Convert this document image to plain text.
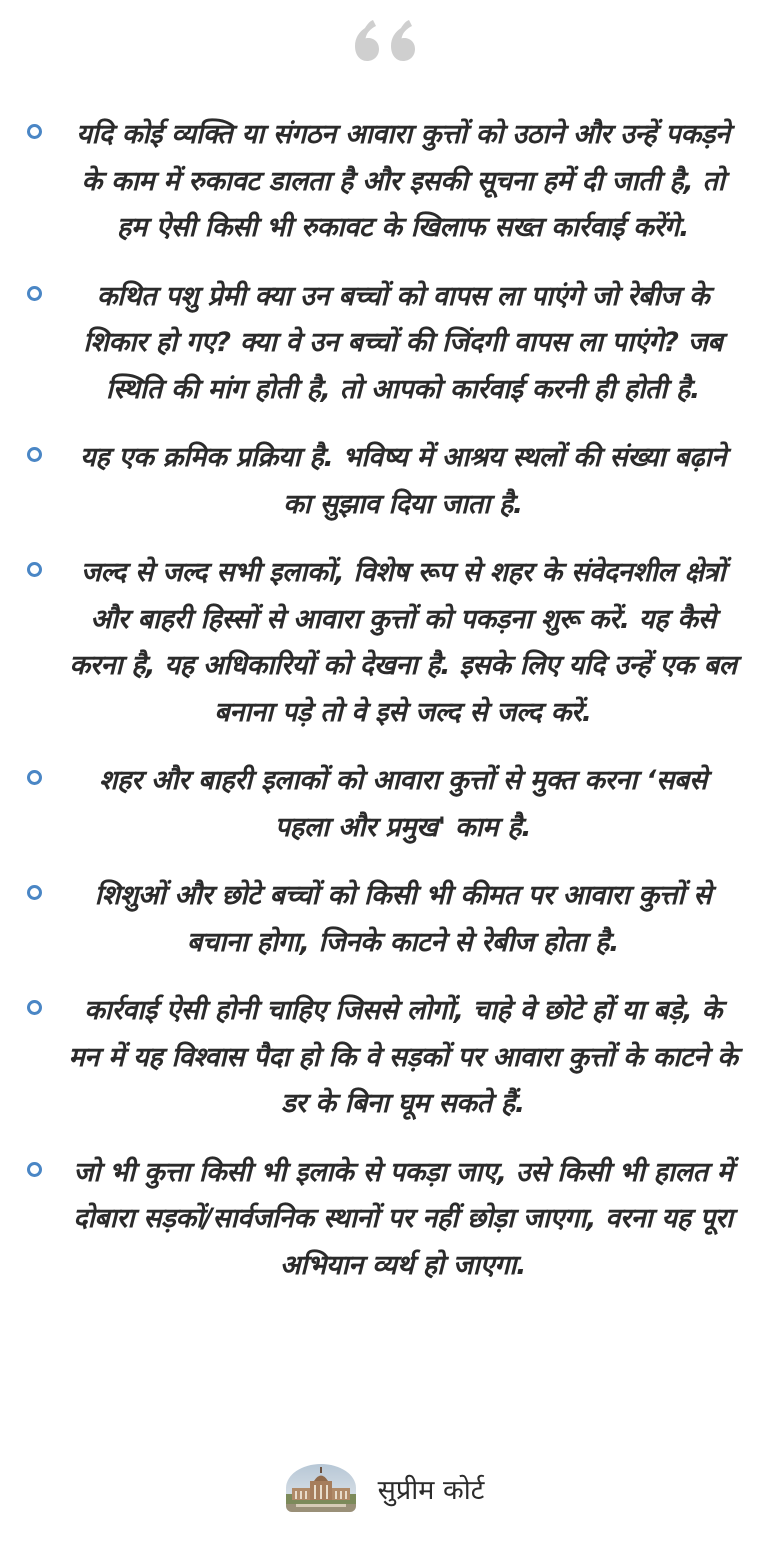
यदि कोई व्यक्ति या संगठन आवारा कुत्तों को उठाने और उन्हें पकड़ने के काम में रुकावट डालता है और इसकी सूचना हमें दी जाती है, तो हम ऐसी किसी भी रुकावट के खिलाफ सख्त कार्रवाई करेंगे.
कथित पशु प्रेमी क्या उन बच्चों को वापस ला पाएंगे जो रेबीज के शिकार हो गए? क्या वे उन बच्चों की जिंदगी वापस ला पाएंगे? जब स्थिति की मांग होती है, तो आपको कार्रवाई करनी ही होती है.
यह एक क्रमिक प्रक्रिया है. भविष्य में आश्रय स्थलों की संख्या बढ़ाने का सुझाव दिया जाता है.
जल्द से जल्द सभी इलाकों, विशेष रूप से शहर के संवेदनशील क्षेत्रों और बाहरी हिस्सों से आवारा कुत्तों को पकड़ना शुरू करें. यह कैसे करना है, यह अधिकारियों को देखना है. इसके लिए यदि उन्हें एक बल बनाना पड़े तो वे इसे जल्द से जल्द करें.
शहर और बाहरी इलाकों को आवारा कुत्तों से मुक्त करना ‘सबसे पहला और प्रमुख' काम है.
शिशुओं और छोटे बच्चों को किसी भी कीमत पर आवारा कुत्तों से बचाना होगा, जिनके काटने से रेबीज होता है.
कार्रवाई ऐसी होनी चाहिए जिससे लोगों, चाहे वे छोटे हों या बड़े, के मन में यह विश्वास पैदा हो कि वे सड़कों पर आवारा कुत्तों के काटने के डर के बिना घूम सकते हैं.
जो भी कुत्ता किसी भी इलाके से पकड़ा जाए, उसे किसी भी हालत में दोबारा सड़कों/सार्वजनिक स्थानों पर नहीं छोड़ा जाएगा, वरना यह पूरा अभियान व्यर्थ हो जाएगा.
सुप्रीम कोर्ट
